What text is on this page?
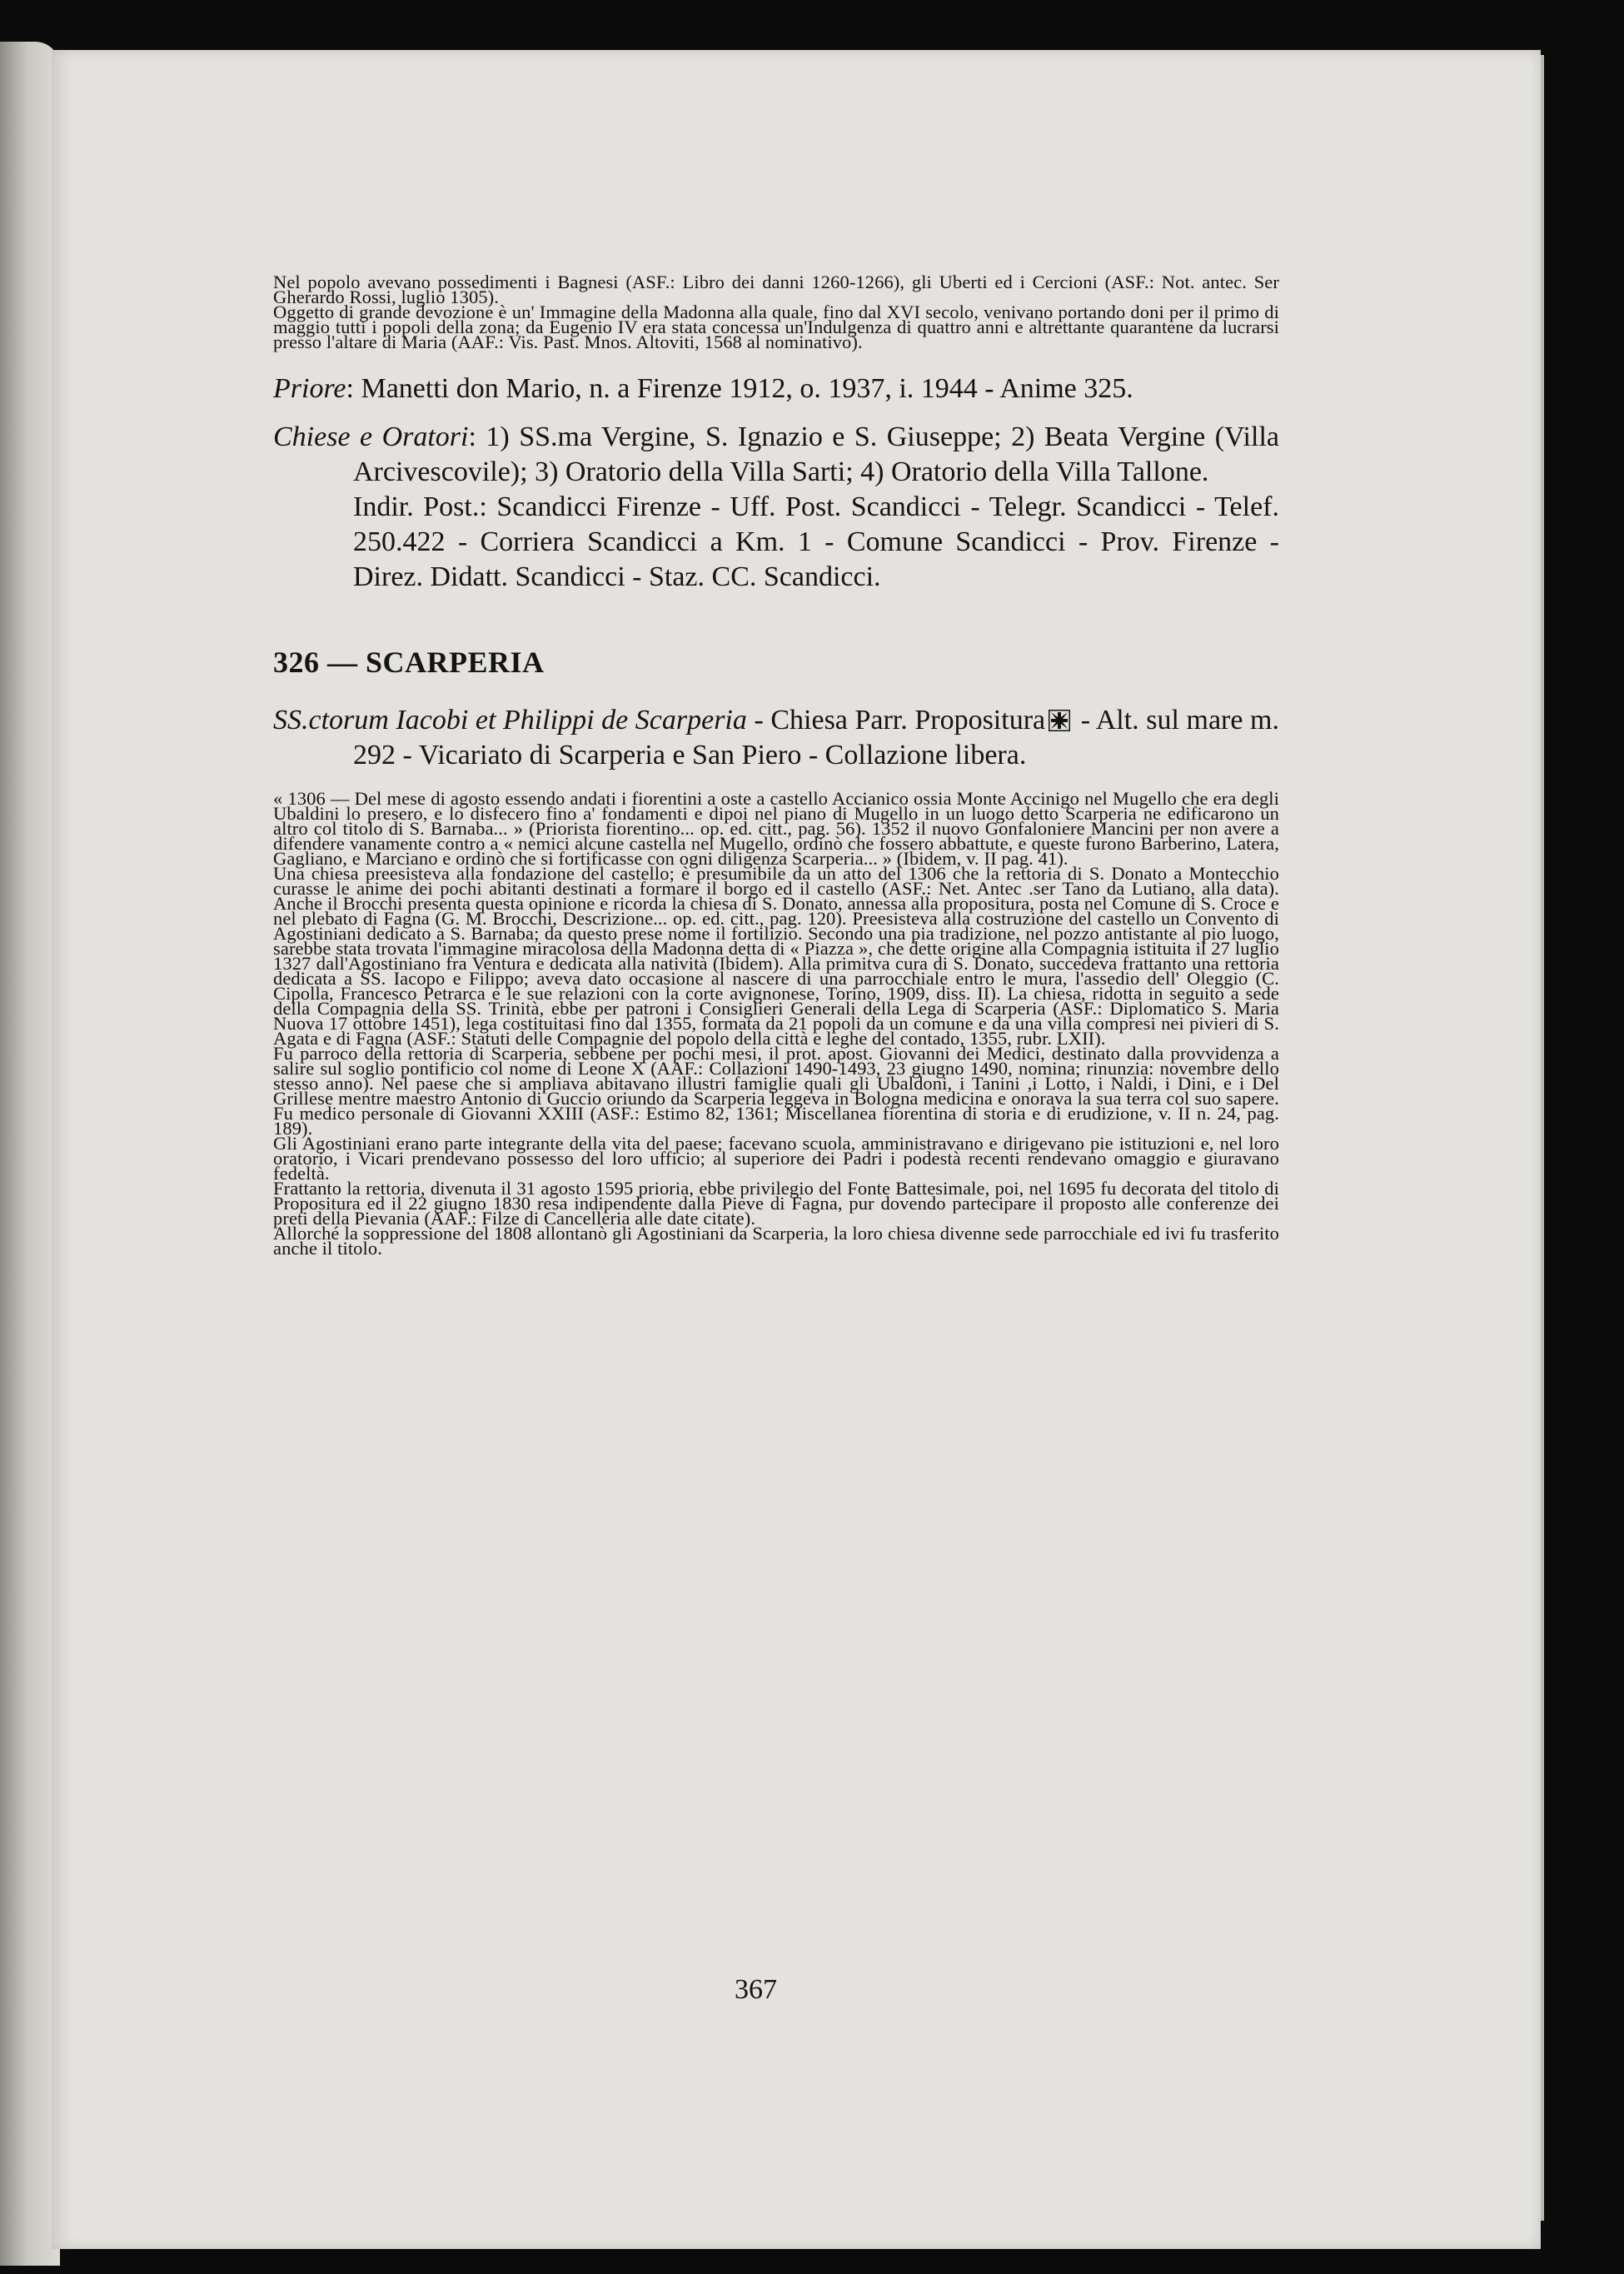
Nel popolo avevano possedimenti i Bagnesi (ASF.: Libro dei danni 1260-1266), gli Uberti ed i Cercioni (ASF.: Not. antec. Ser Gherardo Rossi, luglio 1305).

Oggetto di grande devozione è un' Immagine della Madonna alla quale, fino dal XVI secolo, venivano portando doni per il primo di maggio tutti i popoli della zona; da Eugenio IV era stata concessa un'Indulgenza di quattro anni e altrettante quarantene da lucrarsi presso l'altare di Maria (AAF.: Vis. Past. Mnos. Altoviti, 1568 al nominativo).

Priore: Manetti don Mario, n. a Firenze 1912, o. 1937, i. 1944 - Anime 325.

Chiese e Oratori: 1) SS.ma Vergine, S. Ignazio e S. Giuseppe; 2) Beata Vergine (Villa Arcivescovile); 3) Oratorio della Villa Sarti; 4) Oratorio della Villa Tallone.

Indir. Post.: Scandicci Firenze - Uff. Post. Scandicci - Telegr. Scandicci - Telef. 250.422 - Corriera Scandicci a Km. 1 - Comune Scandicci - Prov. Firenze - Direz. Didatt. Scandicci - Staz. CC. Scandicci.

326 — SCARPERIA

SS.ctorum Iacobi et Philippi de Scarperia - Chiesa Parr. Propositura - Alt. sul mare m. 292 - Vicariato di Scarperia e San Piero - Collazione libera.

« 1306 — Del mese di agosto essendo andati i fiorentini a oste a castello Accianico ossia Monte Accinigo nel Mugello che era degli Ubaldini lo presero, e lo disfecero fino a' fondamenti e dipoi nel piano di Mugello in un luogo detto Scarperia ne edificarono un altro col titolo di S. Barnaba... » (Priorista fiorentino... op. ed. citt., pag. 56). 1352 il nuovo Gonfaloniere Mancini per non avere a difendere vanamente contro a « nemici alcune castella nel Mugello, ordinò che fossero abbattute, e queste furono Barberino, Latera, Gagliano, e Marciano e ordinò che si fortificasse con ogni diligenza Scarperia... » (Ibidem, v. II pag. 41).

Una chiesa preesisteva alla fondazione del castello; è presumibile da un atto del 1306 che la rettoria di S. Donato a Montecchio curasse le anime dei pochi abitanti destinati a formare il borgo ed il castello (ASF.: Net. Antec .ser Tano da Lutiano, alla data). Anche il Brocchi presenta questa opinione e ricorda la chiesa di S. Donato, annessa alla propositura, posta nel Comune di S. Croce e nel plebato di Fagna (G. M. Brocchi, Descrizione... op. ed. citt., pag. 120). Preesisteva alla costruzione del castello un Convento di Agostiniani dedicato a S. Barnaba; da questo prese nome il fortilizio. Secondo una pia tradizione, nel pozzo antistante al pio luogo, sarebbe stata trovata l'immagine miracolosa della Madonna detta di « Piazza », che dette origine alla Compagnia istituita il 27 luglio 1327 dall'Agostiniano fra Ventura e dedicata alla natività (Ibidem). Alla primitva cura di S. Donato, succedeva frattanto una rettoria dedicata a SS. Iacopo e Filippo; aveva dato occasione al nascere di una parrocchiale entro le mura, l'assedio dell' Oleggio (C. Cipolla, Francesco Petrarca e le sue relazioni con la corte avignonese, Torino, 1909, diss. II). La chiesa, ridotta in seguito a sede della Compagnia della SS. Trinità, ebbe per patroni i Consiglieri Generali della Lega di Scarperia (ASF.: Diplomatico S. Maria Nuova 17 ottobre 1451), lega costituitasi fino dal 1355, formata da 21 popoli da un comune e da una villa compresi nei pivieri di S. Agata e di Fagna (ASF.: Statuti delle Compagnie del popolo della città e leghe del contado, 1355, rubr. LXII).

Fu parroco della rettoria di Scarperia, sebbene per pochi mesi, il prot. apost. Giovanni dei Medici, destinato dalla provvidenza a salire sul soglio pontificio col nome di Leone X (AAF.: Collazioni 1490-1493, 23 giugno 1490, nomina; rinunzia: novembre dello stesso anno). Nel paese che si ampliava abitavano illustri famiglie quali gli Ubaldoni, i Tanini ,i Lotto, i Naldi, i Dini, e i Del Grillese mentre maestro Antonio di Guccio oriundo da Scarperia leggeva in Bologna medicina e onorava la sua terra col suo sapere. Fu medico personale di Giovanni XXIII (ASF.: Estimo 82, 1361; Miscellanea fiorentina di storia e di erudizione, v. II n. 24, pag. 189).

Gli Agostiniani erano parte integrante della vita del paese; facevano scuola, amministravano e dirigevano pie istituzioni e, nel loro oratorio, i Vicari prendevano possesso del loro ufficio; al superiore dei Padri i podestà recenti rendevano omaggio e giuravano fedeltà.

Frattanto la rettoria, divenuta il 31 agosto 1595 prioria, ebbe privilegio del Fonte Battesimale, poi, nel 1695 fu decorata del titolo di Propositura ed il 22 giugno 1830 resa indipendente dalla Pieve di Fagna, pur dovendo partecipare il proposto alle conferenze dei preti della Pievania (AAF.: Filze di Cancelleria alle date citate).

Allorché la soppressione del 1808 allontanò gli Agostiniani da Scarperia, la loro chiesa divenne sede parrocchiale ed ivi fu trasferito anche il titolo.

367
